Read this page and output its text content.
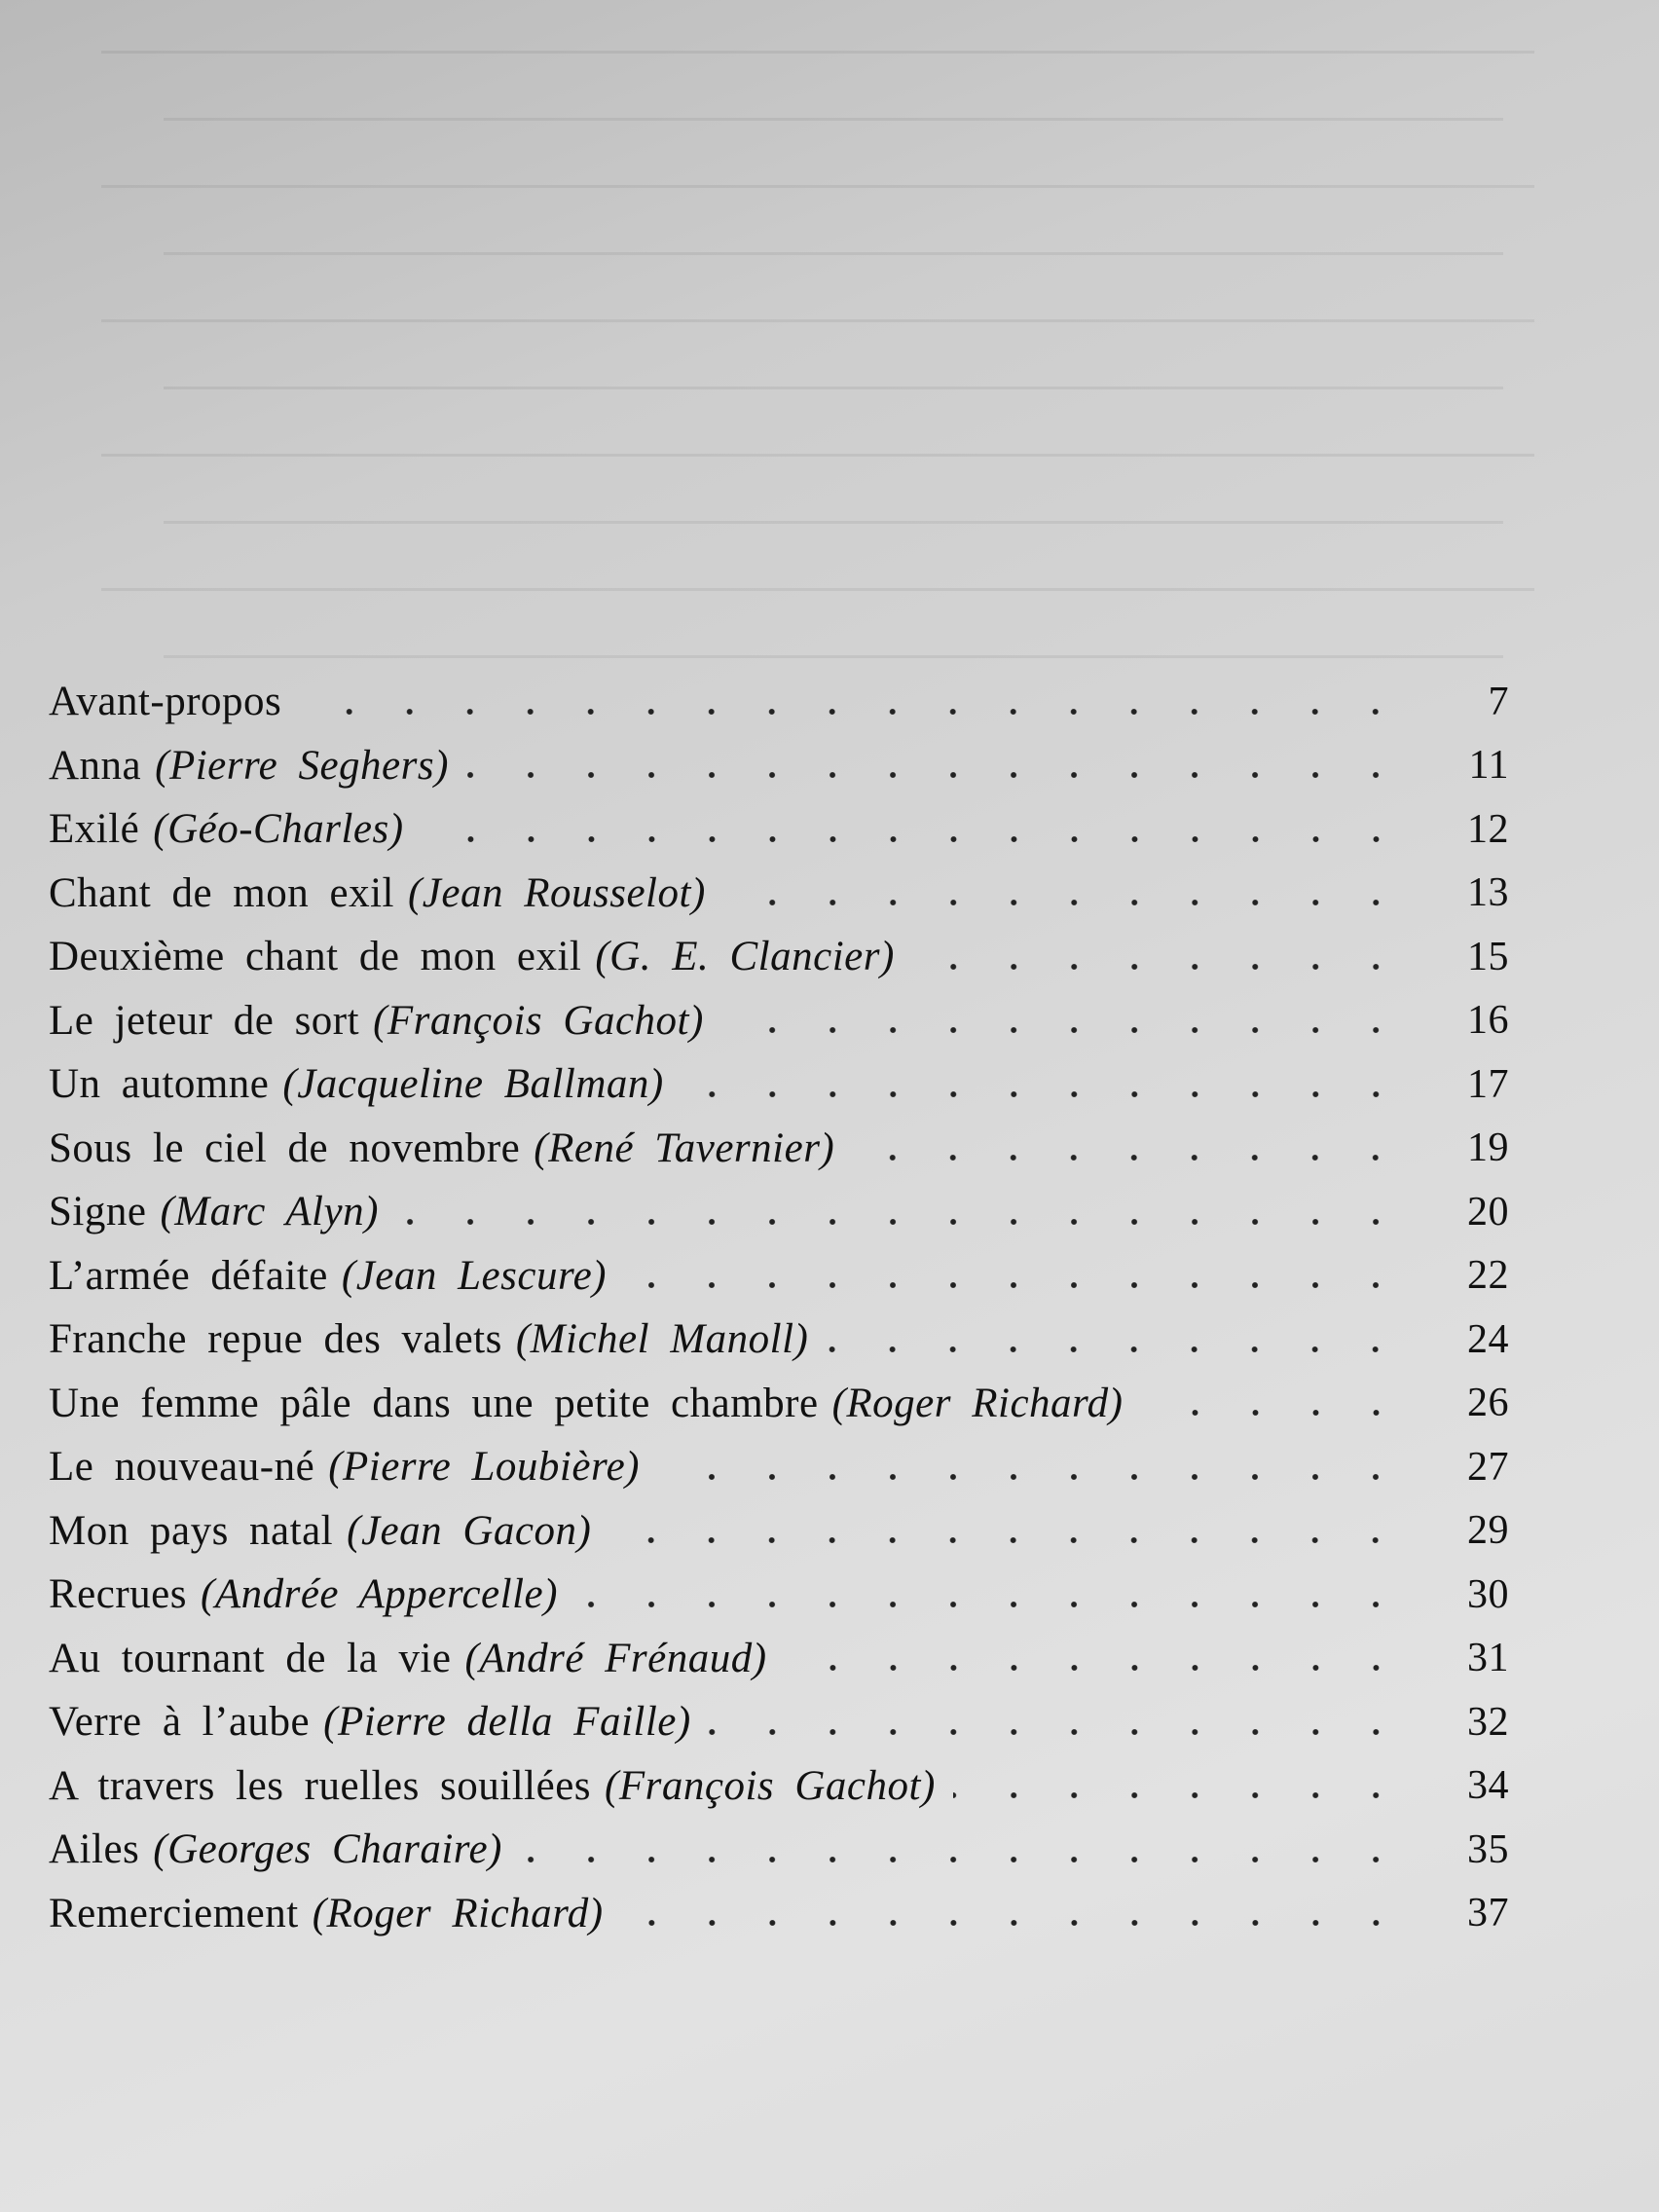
Avant-propos	7
Anna (Pierre Seghers)	11
Exilé (Géo-Charles)	12
Chant de mon exil (Jean Rousselot)	13
Deuxième chant de mon exil (G. E. Clancier)	15
Le jeteur de sort (François Gachot)	16
Un automne (Jacqueline Ballman)	17
Sous le ciel de novembre (René Tavernier)	19
Signe (Marc Alyn)	20
L’armée défaite (Jean Lescure)	22
Franche repue des valets (Michel Manoll)	24
Une femme pâle dans une petite chambre (Roger Richard)	26
Le nouveau-né (Pierre Loubière)	27
Mon pays natal (Jean Gacon)	29
Recrues (Andrée Appercelle)	30
Au tournant de la vie (André Frénaud)	31
Verre à l’aube (Pierre della Faille)	32
A travers les ruelles souillées (François Gachot)	34
Ailes (Georges Charaire)	35
Remerciement (Roger Richard)	37
